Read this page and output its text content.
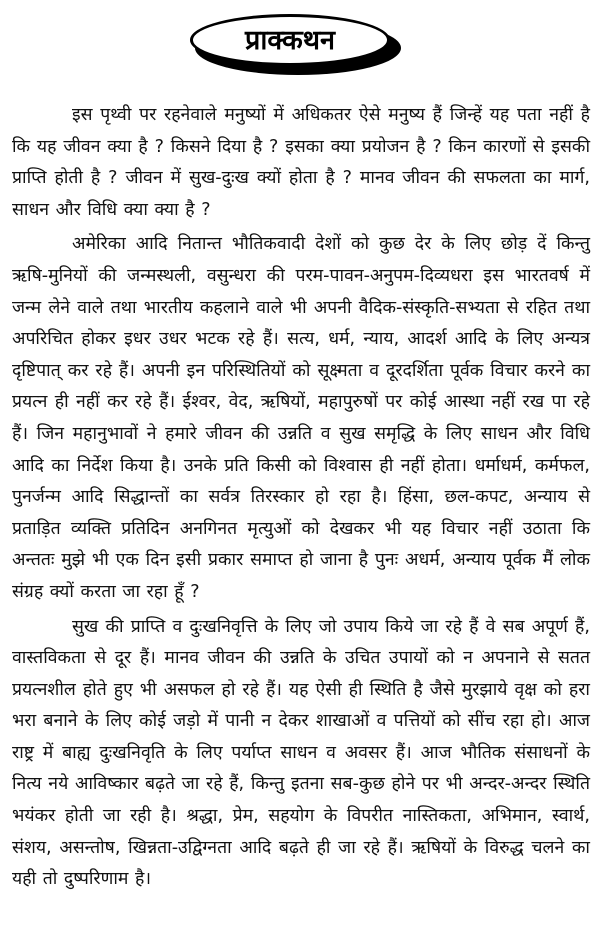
प्राक्कथन

इस पृथ्वी पर रहनेवाले मनुष्यों में अधिकतर ऐसे मनुष्य हैं जिन्हें यह पता नहीं है कि यह जीवन क्या है ? किसने दिया है ? इसका क्या प्रयोजन है ? किन कारणों से इसकी प्राप्ति होती है ? जीवन में सुख-दुःख क्यों होता है ? मानव जीवन की सफलता का मार्ग, साधन और विधि क्या क्या है ?

अमेरिका आदि नितान्त भौतिकवादी देशों को कुछ देर के लिए छोड़ दें किन्तु ऋषि-मुनियों की जन्मस्थली, वसुन्धरा की परम-पावन-अनुपम-दिव्यधरा इस भारतवर्ष में जन्म लेने वाले तथा भारतीय कहलाने वाले भी अपनी वैदिक-संस्कृति-सभ्यता से रहित तथा अपरिचित होकर इधर उधर भटक रहे हैं। सत्य, धर्म, न्याय, आदर्श आदि के लिए अन्यत्र दृष्टिपात् कर रहे हैं। अपनी इन परिस्थितियों को सूक्ष्मता व दूरदर्शिता पूर्वक विचार करने का प्रयत्न ही नहीं कर रहे हैं। ईश्वर, वेद, ऋषियों, महापुरुषों पर कोई आस्था नहीं रख पा रहे हैं। जिन महानुभावों ने हमारे जीवन की उन्नति व सुख समृद्धि के लिए साधन और विधि आदि का निर्देश किया है। उनके प्रति किसी को विश्वास ही नहीं होता। धर्माधर्म, कर्मफल, पुनर्जन्म आदि सिद्धान्तों का सर्वत्र तिरस्कार हो रहा है। हिंसा, छल-कपट, अन्याय से प्रताड़ित व्यक्ति प्रतिदिन अनगिनत मृत्युओं को देखकर भी यह विचार नहीं उठाता कि अन्ततः मुझे भी एक दिन इसी प्रकार समाप्त हो जाना है पुनः अधर्म, अन्याय पूर्वक मैं लोक संग्रह क्यों करता जा रहा हूँ ?

सुख की प्राप्ति व दुःखनिवृत्ति के लिए जो उपाय किये जा रहे हैं वे सब अपूर्ण हैं, वास्तविकता से दूर हैं। मानव जीवन की उन्नति के उचित उपायों को न अपनाने से सतत प्रयत्नशील होते हुए भी असफल हो रहे हैं। यह ऐसी ही स्थिति है जैसे मुरझाये वृक्ष को हरा भरा बनाने के लिए कोई जड़ो में पानी न देकर शाखाओं व पत्तियों को सींच रहा हो। आज राष्ट्र में बाह्य दुःखनिवृति के लिए पर्याप्त साधन व अवसर हैं। आज भौतिक संसाधनों के नित्य नये आविष्कार बढ़ते जा रहे हैं, किन्तु इतना सब-कुछ होने पर भी अन्दर-अन्दर स्थिति भयंकर होती जा रही है। श्रद्धा, प्रेम, सहयोग के विपरीत नास्तिकता, अभिमान, स्वार्थ, संशय, असन्तोष, खिन्नता-उद्विग्नता आदि बढ़ते ही जा रहे हैं। ऋषियों के विरुद्ध चलने का यही तो दुष्परिणाम है।
